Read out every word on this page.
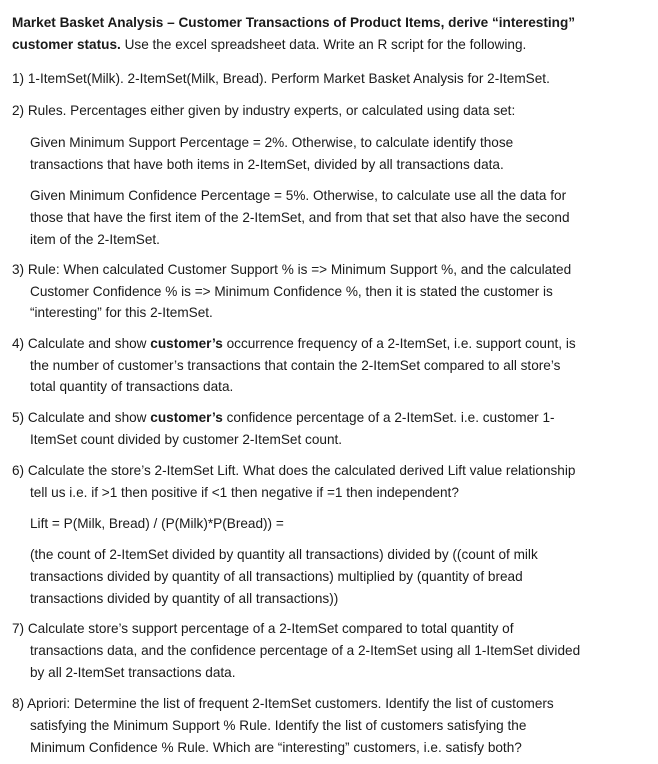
Market Basket Analysis – Customer Transactions of Product Items, derive “interesting”
customer status. Use the excel spreadsheet data. Write an R script for the following.
1) 1-ItemSet(Milk). 2-ItemSet(Milk, Bread). Perform Market Basket Analysis for 2-ItemSet.
2) Rules. Percentages either given by industry experts, or calculated using data set:
Given Minimum Support Percentage = 2%. Otherwise, to calculate identify those
transactions that have both items in 2-ItemSet, divided by all transactions data.
Given Minimum Confidence Percentage = 5%. Otherwise, to calculate use all the data for
those that have the first item of the 2-ItemSet, and from that set that also have the second
item of the 2-ItemSet.
3) Rule: When calculated Customer Support % is => Minimum Support %, and the calculated
Customer Confidence % is => Minimum Confidence %, then it is stated the customer is
“interesting” for this 2-ItemSet.
4) Calculate and show customer’s occurrence frequency of a 2-ItemSet, i.e. support count, is
the number of customer’s transactions that contain the 2-ItemSet compared to all store’s
total quantity of transactions data.
5) Calculate and show customer’s confidence percentage of a 2-ItemSet. i.e. customer 1-
ItemSet count divided by customer 2-ItemSet count.
6) Calculate the store’s 2-ItemSet Lift. What does the calculated derived Lift value relationship
tell us i.e. if >1 then positive if <1 then negative if =1 then independent?
Lift = P(Milk, Bread) / (P(Milk)*P(Bread)) =
(the count of 2-ItemSet divided by quantity all transactions) divided by ((count of milk
transactions divided by quantity of all transactions) multiplied by (quantity of bread
transactions divided by quantity of all transactions))
7) Calculate store’s support percentage of a 2-ItemSet compared to total quantity of
transactions data, and the confidence percentage of a 2-ItemSet using all 1-ItemSet divided
by all 2-ItemSet transactions data.
8) Apriori: Determine the list of frequent 2-ItemSet customers. Identify the list of customers
satisfying the Minimum Support % Rule. Identify the list of customers satisfying the
Minimum Confidence % Rule. Which are “interesting” customers, i.e. satisfy both?
